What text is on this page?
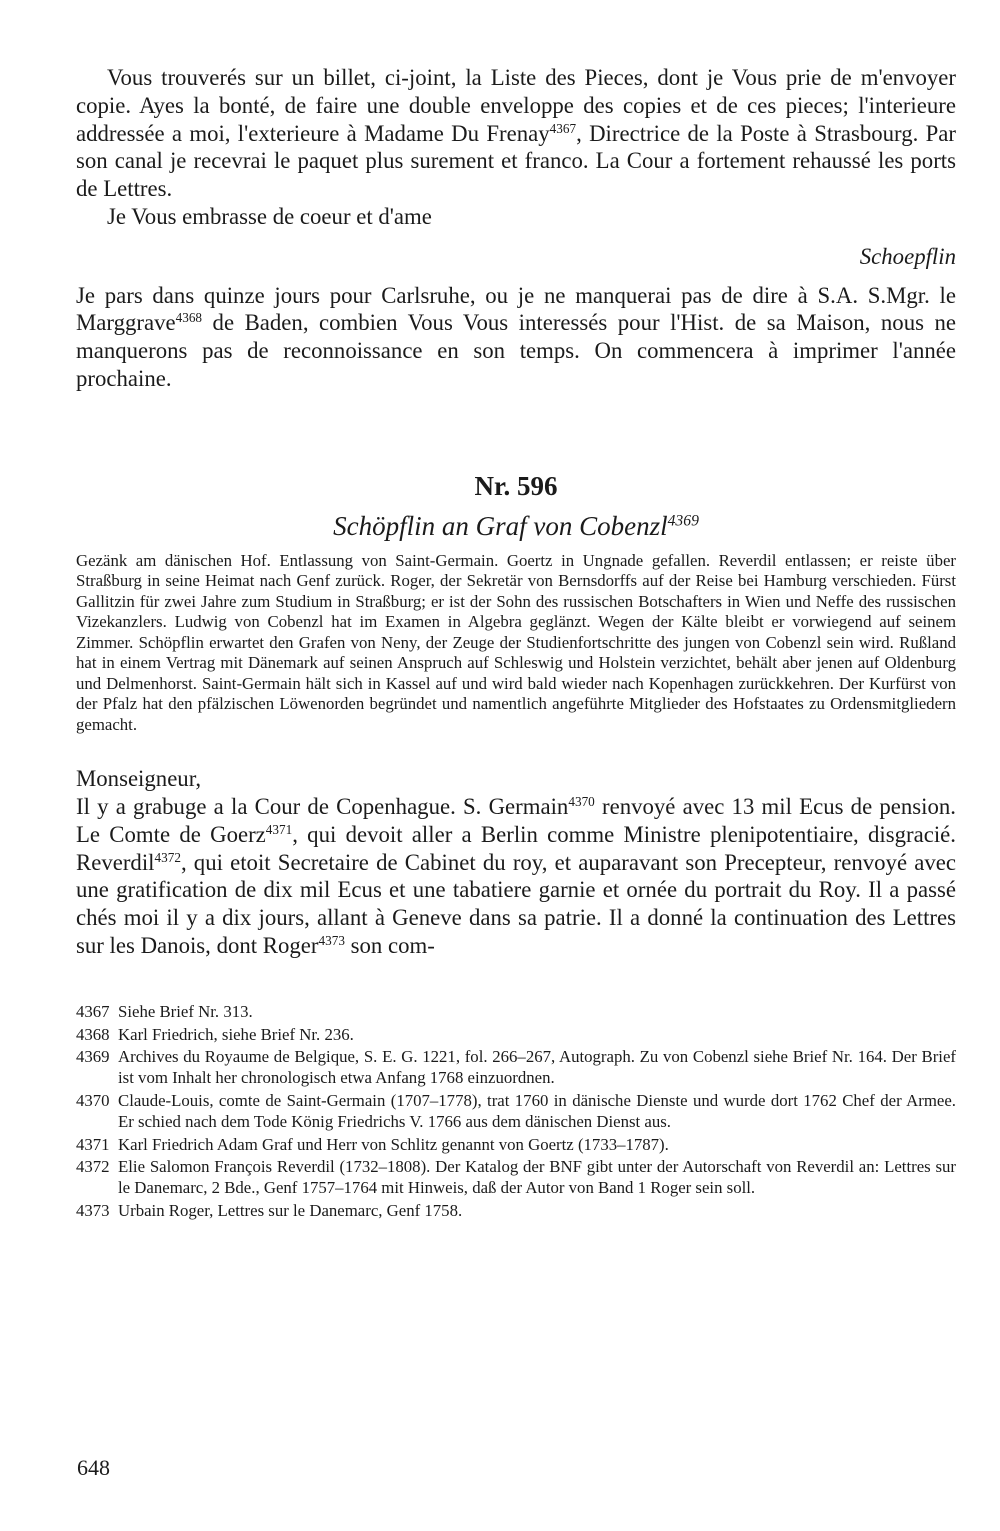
Vous trouverés sur un billet, ci-joint, la Liste des Pieces, dont je Vous prie de m'envoyer copie. Ayes la bonté, de faire une double enveloppe des copies et de ces pieces; l'interieure addressée a moi, l'exterieure à Madame Du Frenay$^{4367}$, Directrice de la Poste à Strasbourg. Par son canal je recevrai le paquet plus surement et franco. La Cour a fortement rehaussé les ports de Lettres.

Je Vous embrasse de coeur et d'ame

Schoepflin

Je pars dans quinze jours pour Carlsruhe, ou je ne manquerai pas de dire à S.A. S.Mgr. le Marggrave$^{4368}$ de Baden, combien Vous Vous interessés pour l'Hist. de sa Maison, nous ne manquerons pas de reconnoissance en son temps. On commencera à imprimer l'année prochaine.

Nr. 596
Schöpflin an Graf von Cobenzl$^{4369}$
Gezänk am dänischen Hof. Entlassung von Saint-Germain. Goertz in Ungnade gefallen. Reverdil entlassen; er reiste über Straßburg in seine Heimat nach Genf zurück. Roger, der Sekretär von Bernsdorffs auf der Reise bei Hamburg verschieden. Fürst Gallitzin für zwei Jahre zum Studium in Straßburg; er ist der Sohn des russischen Botschafters in Wien und Neffe des russischen Vizekanzlers. Ludwig von Cobenzl hat im Examen in Algebra geglänzt. Wegen der Kälte bleibt er vorwiegend auf seinem Zimmer. Schöpflin erwartet den Grafen von Neny, der Zeuge der Studienfortschritte des jungen von Cobenzl sein wird. Rußland hat in einem Vertrag mit Dänemark auf seinen Anspruch auf Schleswig und Holstein verzichtet, behält aber jenen auf Oldenburg und Delmenhorst. Saint-Germain hält sich in Kassel auf und wird bald wieder nach Kopenhagen zurückkehren. Der Kurfürst von der Pfalz hat den pfälzischen Löwenorden begründet und namentlich angeführte Mitglieder des Hofstaates zu Ordensmitgliedern gemacht.

Monseigneur,

Il y a grabuge a la Cour de Copenhague. S. Germain$^{4370}$ renvoyé avec 13 mil Ecus de pension. Le Comte de Goerz$^{4371}$, qui devoit aller a Berlin comme Ministre plenipotentiaire, disgracié. Reverdil$^{4372}$, qui etoit Secretaire de Cabinet du roy, et auparavant son Precepteur, renvoyé avec une gratification de dix mil Ecus et une tabatiere garnie et ornée du portrait du Roy. Il a passé chés moi il y a dix jours, allant à Geneve dans sa patrie. Il a donné la continuation des Lettres sur les Danois, dont Roger$^{4373}$ son com-

4367 Siehe Brief Nr. 313.
4368 Karl Friedrich, siehe Brief Nr. 236.
4369 Archives du Royaume de Belgique, S. E. G. 1221, fol. 266–267, Autograph. Zu von Cobenzl siehe Brief Nr. 164. Der Brief ist vom Inhalt her chronologisch etwa Anfang 1768 einzuordnen.
4370 Claude-Louis, comte de Saint-Germain (1707–1778), trat 1760 in dänische Dienste und wurde dort 1762 Chef der Armee. Er schied nach dem Tode König Friedrichs V. 1766 aus dem dänischen Dienst aus.
4371 Karl Friedrich Adam Graf und Herr von Schlitz genannt von Goertz (1733–1787).
4372 Elie Salomon François Reverdil (1732–1808). Der Katalog der BNF gibt unter der Autorschaft von Reverdil an: Lettres sur le Danemarc, 2 Bde., Genf 1757–1764 mit Hinweis, daß der Autor von Band 1 Roger sein soll.
4373 Urbain Roger, Lettres sur le Danemarc, Genf 1758.
648
